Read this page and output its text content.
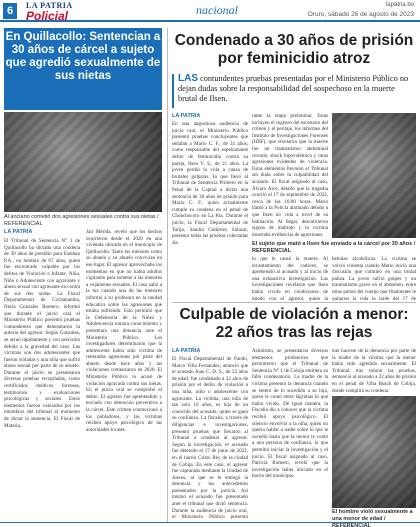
6	LA PATRIA
Policial	nacional	lapatria.bo
Oruro, sábado 26 de agosto de 2023
En Quillacollo: Sentencian a 30 años de cárcel a sujeto que agredió sexualmente de sus nietas
Al anciano cometió dos agresiones sexuales contra sus nietas / REFERENCIAL
LA PATRIA
El Tribunal de Sentencia N° 1 de Quillacollo ha dictado una condena de 30 años de presidio para Esteban P.A., un hombre de 67 años, quien fue encontrado culpable por los delitos de Violación e Infante, Niña, Niño o Adolescente con agravante y abuso sexual con agravante en contra de sus dos nietas. La Fiscal Departamental de Cochabamba, Nuria Gonzales Romero, informó que durante el juicio oral el Ministerio Público presentó pruebas contundentes que demostraron la autoría del agresor. Según Gonzales, se actuó rápidamente y con precisión debido a la gravedad del caso. Las víctimas son dos adolescentes que fueron violadas y una niña que sufrió abuso sexual por parte de su abuelo. Durante el juicio se presentaron diversas pruebas recopiladas, como certificados médicos forenses, testimonios y evaluaciones psicológicas y sociales. Estos elementos fueron valorados por los miembros del tribunal al momento de dictar la sentencia. El Fiscal de Materia,
Jair Mérida, reveló que los hechos ocurrieron desde el 2020 en una vivienda ubicada en el municipio de Quillacollo. Tanto las menores como su abuela y su abuelo convivían en ese lugar. El agresor aprovechaba los momentos en que no había adultos vigilando para someter a las menores a vejámenes sexuales. El caso salió a la luz cuando una de las menores informó a su profesora en la unidad educativa sobre las agresiones que estaba sufriendo. Esto permitió que la Defensoría de la Niñez y Adolescencia tomara conocimiento y presentara una denuncia ante el Ministerio Público. Los investigadores determinaron que la adolescente había sido víctima de reiteradas agresiones por parte del abuelo desde hace años y las violaciones comenzaron en 2020. El Ministerio Público lo acusó de violación agravada contra sus nietas. En el juicio oral se comprobó el delito. El agresor fue aprehendido y enviado con detención preventiva a la cárcel. Este crimen conmocionó a los pobladores, y las víctimas reciben apoyo psicológico de las autoridades locales.
Condenado a 30 años de prisión por feminicidio atroz
LAS contundentes pruebas presentadas por el Ministerio Público no dejan dudas sobre la responsabilidad del sospechoso en la muerte brutal de Ilsen.
LA PATRIA
En una angustiosa audiencia de juicio oral, el Ministerio Público presentó pruebas concluyentes que señalan a Mario C. F., de 31 años, como responsable del espeluznante delito de feminicidio contra su pareja, Ilsen V. S., de 21 años. La joven perdió la vida a causa de brutales golpizas. In que llevó al Tribunal de Sentencia Primero en la Penal de la Capital a dictar una sentencia de 30 años de prisión para Mario C. F., quien actualmente cumple su condena en el penal de Chonchocoro en La Paz. Durante el juicio, la Fiscal Departamental de Tarija, Sandra Gutiérrez Salazar, presentó todas las pruebas colectadas du-
rante la etapa preliminar. Estas incluyen el registro del escenario del crimen y el peritaje, los informes del Instituto de Investigaciones Forenses (IDIF), que revelaron que la muerte fue un traumatismo abdominal cerrado, shock hipovolémico y otras agresiones evidentes de violencia. Estas elementos llevaron al Tribunal sin duda sobre la culpabilidad del acusado. El fiscal asignado al caso, Álvaro Arce, detalló que la tragedia ocurrió el 17 de septiembre de 2022, cerca de las 16:00 horas. Mario llamó a la Policía alarmado debido a que Ilsen no vida a nivel de su habitación. Al llegar, descubrieron signos de maltrato y la víctima mostraba evidencias de agresiones.
El sujeto que mató a Ilsen fue enviado a la cárcel por 30 años / REFERENCIAL
lo que le causó la muerte. Al levantamiento del cadáver, se aprehendió al acusado y al inicio de una exhaustiva investigación. Las investigaciones revelaron que Ilsen había vivido en condiciones de miedo con el agresor, quien la
bebidas alcohólicas. La víctima se volvió violenta cuando Mario inició una discusión que culminó en una brutal paliza. La joven sufrió golpes y un traumatismo grave en el abdomen, entre otras partes del cuerpo que finalmente le quitaron la vida la tarde del 17 de
Culpable de violación a menor: 22 años tras las rejas
LA PATRIA
El Fiscal Departamental de Pando, Marco Villa Fernández, anunció que el acusado Juan C. D. S., de 22 años de edad, fue condenado a 22 años de prisión por el delito de violación a una niña, niño o adolescente con agravante. La víctima, una niña de tan solo 10 años, es hija de un conocido del acusado, quien se ganó su confianza. La fiscalía, a través de diligencias e investigaciones, presentó pruebas que llevaron al Tribunal a condenar al agresor. Según la investigación, el acusado fue detenido el 17 de junio de 2022, en el barrio Cristo Rey de la ciudad de Cobija. En este caso, el agresor fue capturado mediante la Unidad de Jueces, al que se le entregó la denuncia y los antecedentes presentados por la policía. Así mismo el acusado fue presentado ante el tribunal que dictó sentencia. Durante la audiencia de juicio oral, el Ministerio Público presentó
Asimismo, se presentaron diversos elementos probatorios que permitieron que el Tribunal de Sentencia N° 1 de Cobija emitiera su fallo condenatorio. La madre de la víctima presentó la denuncia cuando se enteró de lo sucedido a su hija, quien le contó entre lágrimas lo que había vivido. De igual manera, la Fiscalía dio a conocer que la víctima recibió apoyo psicológico. El silencio envolvió a la niña, quien no quería hablar a nadie sobre lo que le sucedió hasta que la menor le contó a una persona de confianza, lo que permitió iniciar la investigación y el juicio. El fiscal asignado al caso, Patricia Romero, reveló que la investigación había iniciado en el barrio del municipio.
tras hacerse de la denuncia por parte de la madre de la víctima que la menor había sido agredida sexualmente. El Tribunal, tras valorar las pruebas, sentenció al acusado a 22 años de prisión en el penal de Villa Busch de Cobija, donde cumplirá su condena.
El hombre violó sexualmente a una menor de edad / REFERENCIAL
